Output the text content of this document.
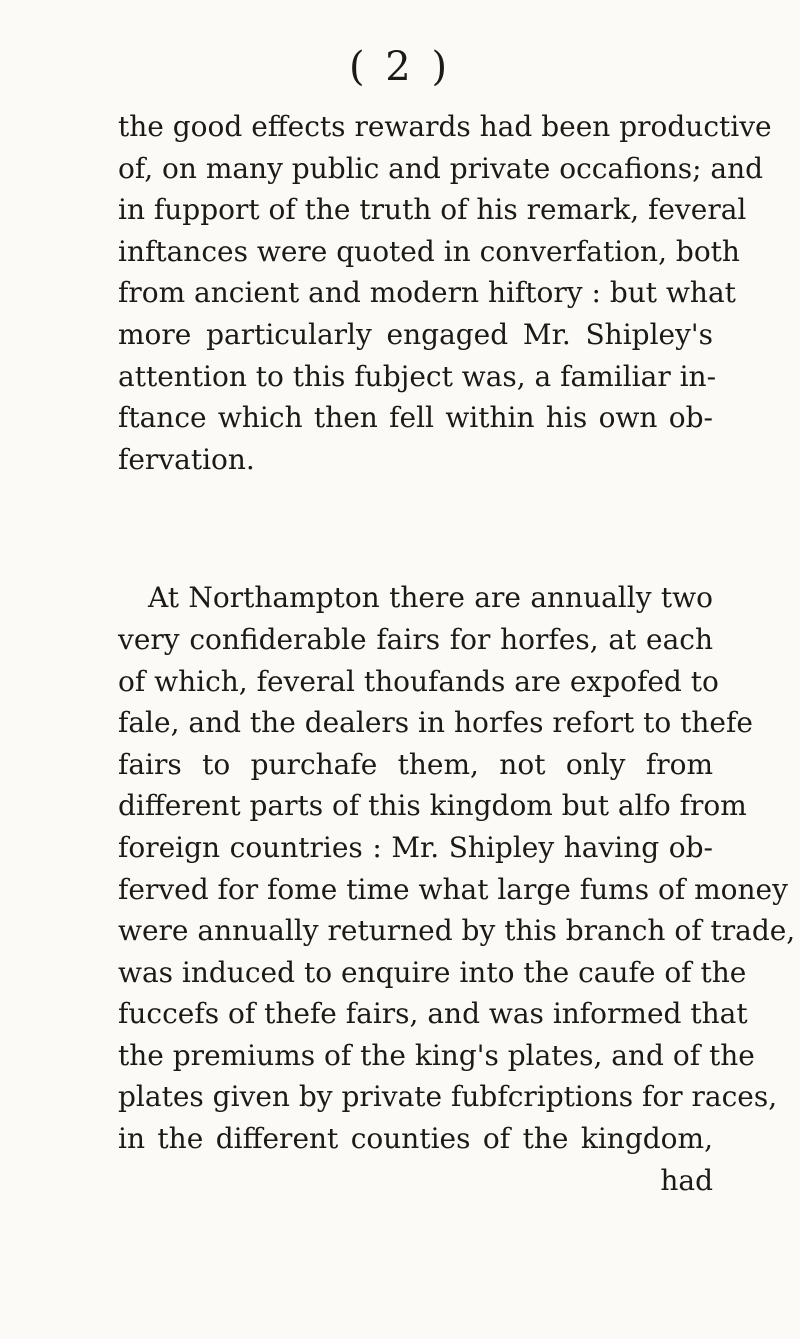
( 2 )
the good effects rewards had been productive
of, on many public and private occafions; and
in fupport of the truth of his remark, feveral
inftances were quoted in converfation, both
from ancient and modern hiftory : but what
more particularly engaged Mr. Shipley's
attention to this fubject was, a familiar in-
ftance which then fell within his own ob-
fervation.
At Northampton there are annually two
very confiderable fairs for horfes, at each
of which, feveral thoufands are expofed to
fale, and the dealers in horfes refort to thefe
fairs to purchafe them, not only from
different parts of this kingdom but alfo from
foreign countries : Mr. Shipley having ob-
ferved for fome time what large fums of money
were annually returned by this branch of trade,
was induced to enquire into the caufe of the
fuccefs of thefe fairs, and was informed that
the premiums of the king's plates, and of the
plates given by private fubfcriptions for races,
in the different counties of the kingdom,
had
